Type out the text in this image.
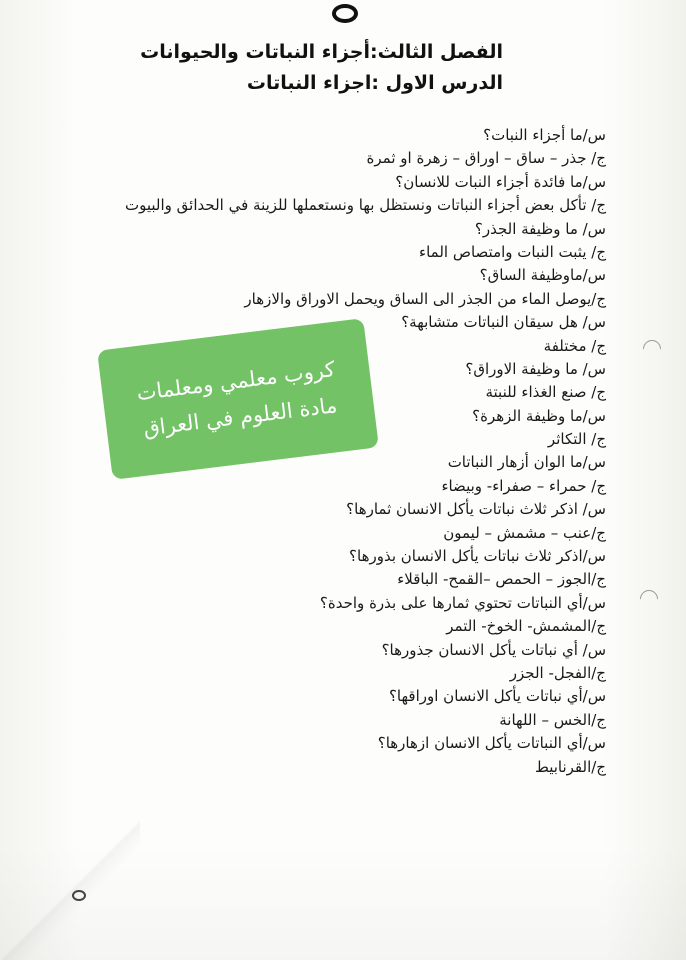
الفصل الثالث:أجزاء النباتات والحيوانات
الدرس الاول :اجزاء النباتات
س/ما أجزاء النبات؟
ج/ جذر – ساق – اوراق – زهرة او ثمرة
س/ما فائدة أجزاء النبات للانسان؟
ج/ تأكل بعض أجزاء النباتات ونستظل بها ونستعملها للزينة في الحدائق والبيوت
س/ ما وظيفة الجذر؟
ج/ يثبت النبات وامتصاص الماء
س/ماوظيفة الساق؟
ج/يوصل الماء من الجذر الى الساق ويحمل الاوراق والازهار
س/ هل سيقان النباتات متشابهة؟
ج/ مختلفة
س/ ما وظيفة الاوراق؟
ج/ صنع الغذاء للنبتة
س/ما وظيفة الزهرة؟
ج/ التكاثر
س/ما الوان أزهار النباتات
ج/ حمراء – صفراء- وبيضاء
س/ اذكر ثلاث نباتات يأكل الانسان ثمارها؟
ج/عنب – مشمش – ليمون
س/اذكر ثلاث نباتات يأكل الانسان بذورها؟
ج/الجوز – الحمص –القمح- الباقلاء
س/أي النباتات تحتوي ثمارها على بذرة واحدة؟
ج/المشمش- الخوخ- التمر
س/ أي نباتات يأكل الانسان جذورها؟
ج/الفجل- الجزر
س/أي نباتات يأكل الانسان اوراقها؟
ج/الخس – اللهانة
س/أي النباتات يأكل الانسان ازهارها؟
ج/القرنابيط
كروب معلمي ومعلمات
مادة العلوم في العراق
